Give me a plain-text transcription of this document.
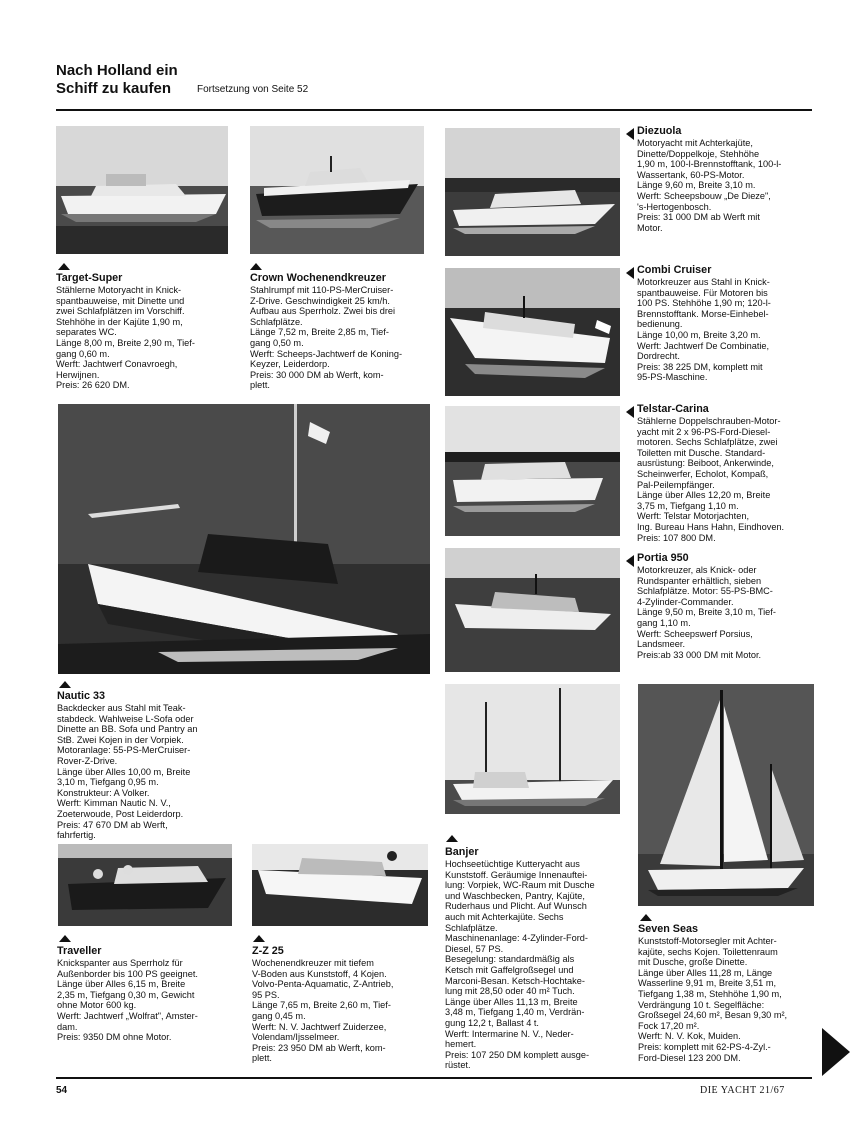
Nach Holland ein
Schiff zu kaufen	Fortsetzung von Seite 52
Target-Super
Stählerne Motoryacht in Knick-
spantbauweise, mit Dinette und
zwei Schlafplätzen im Vorschiff.
Stehhöhe in der Kajüte 1,90 m,
separates WC.
Länge 8,00 m, Breite 2,90 m, Tief-
gang 0,60 m.
Werft: Jachtwerf Conavroegh,
Herwijnen.
Preis: 26 620 DM.
Crown Wochenendkreuzer
Stahlrumpf mit 110-PS-MerCruiser-
Z-Drive. Geschwindigkeit 25 km/h.
Aufbau aus Sperrholz. Zwei bis drei
Schlafplätze.
Länge 7,52 m, Breite 2,85 m, Tief-
gang 0,50 m.
Werft: Scheeps-Jachtwerf de Koning-
Keyzer, Leiderdorp.
Preis: 30 000 DM ab Werft, kom-
plett.
Diezuola
Motoryacht mit Achterkajüte,
Dinette/Doppelkoje, Stehhöhe
1,90 m, 100-l-Brennstofftank, 100-l-
Wassertank, 60-PS-Motor.
Länge 9,60 m, Breite 3,10 m.
Werft: Scheepsbouw „De Dieze",
's-Hertogenbosch.
Preis: 31 000 DM ab Werft mit
Motor.
Combi Cruiser
Motorkreuzer aus Stahl in Knick-
spantbauweise. Für Motoren bis
100 PS. Stehhöhe 1,90 m; 120-l-
Brennstofftank. Morse-Einhebel-
bedienung.
Länge 10,00 m, Breite 3,20 m.
Werft: Jachtwerf De Combinatie,
Dordrecht.
Preis: 38 225 DM, komplett mit
95-PS-Maschine.
Telstar-Carina
Stählerne Doppelschrauben-Motor-
yacht mit 2 x 96-PS-Ford-Diesel-
motoren. Sechs Schlafplätze, zwei
Toiletten mit Dusche. Standard-
ausrüstung: Beiboot, Ankerwinde,
Scheinwerfer, Echolot, Kompaß,
Pal-Peilempfänger.
Länge über Alles 12,20 m, Breite
3,75 m, Tiefgang 1,10 m.
Werft: Telstar Motorjachten,
Ing. Bureau Hans Hahn, Eindhoven.
Preis: 107 800 DM.
Portia 950
Motorkreuzer, als Knick- oder
Rundspanter erhältlich, sieben
Schlafplätze. Motor: 55-PS-BMC-
4-Zylinder-Commander.
Länge 9,50 m, Breite 3,10 m, Tief-
gang 1,10 m.
Werft: Scheepswerf Porsius,
Landsmeer.
Preis:ab 33 000 DM mit Motor.
Nautic 33
Backdecker aus Stahl mit Teak-
stabdeck. Wahlweise L-Sofa oder
Dinette an BB. Sofa und Pantry an
StB. Zwei Kojen in der Vorpiek.
Motoranlage: 55-PS-MerCruiser-
Rover-Z-Drive.
Länge über Alles 10,00 m, Breite
3,10 m, Tiefgang 0,95 m.
Konstrukteur: A Volker.
Werft: Kimman Nautic N. V.,
Zoeterwoude, Post Leiderdorp.
Preis: 47 670 DM ab Werft,
fahrfertig.
Banjer
Hochseetüchtige Kutteryacht aus
Kunststoff. Geräumige Innenauftei-
lung: Vorpiek, WC-Raum mit Dusche
und Waschbecken, Pantry, Kajüte,
Ruderhaus und Plicht. Auf Wunsch
auch mit Achterkajüte. Sechs
Schlafplätze.
Maschinenanlage: 4-Zylinder-Ford-
Diesel, 57 PS.
Besegelung: standardmäßig als
Ketsch mit Gaffelgroßsegel und
Marconi-Besan. Ketsch-Hochtake-
lung mit 28,50 oder 40 m² Tuch.
Länge über Alles 11,13 m, Breite
3,48 m, Tiefgang 1,40 m, Verdrän-
gung 12,2 t, Ballast 4 t.
Werft: Intermarine N. V., Neder-
hemert.
Preis: 107 250 DM komplett ausge-
rüstet.
Seven Seas
Kunststoff-Motorsegler mit Achter-
kajüte, sechs Kojen. Toilettenraum
mit Dusche, große Dinette.
Länge über Alles 11,28 m, Länge
Wasserline 9,91 m, Breite 3,51 m,
Tiefgang 1,38 m, Stehhöhe 1,90 m,
Verdrängung 10 t. Segelfläche:
Großsegel 24,60 m², Besan 9,30 m²,
Fock 17,20 m².
Werft: N. V. Kok, Muiden.
Preis: komplett mit 62-PS-4-Zyl.-
Ford-Diesel 123 200 DM.
Traveller
Knickspanter aus Sperrholz für
Außenborder bis 100 PS geeignet.
Länge über Alles 6,15 m, Breite
2,35 m, Tiefgang 0,30 m, Gewicht
ohne Motor 600 kg.
Werft: Jachtwerf „Wolfrat", Amster-
dam.
Preis: 9350 DM ohne Motor.
Z-Z 25
Wochenendkreuzer mit tiefem
V-Boden aus Kunststoff, 4 Kojen.
Volvo-Penta-Aquamatic, Z-Antrieb,
95 PS.
Länge 7,65 m, Breite 2,60 m, Tief-
gang 0,45 m.
Werft: N. V. Jachtwerf Zuiderzee,
Volendam/Ijsselmeer.
Preis: 23 950 DM ab Werft, kom-
plett.
54	DIE YACHT 21/67
